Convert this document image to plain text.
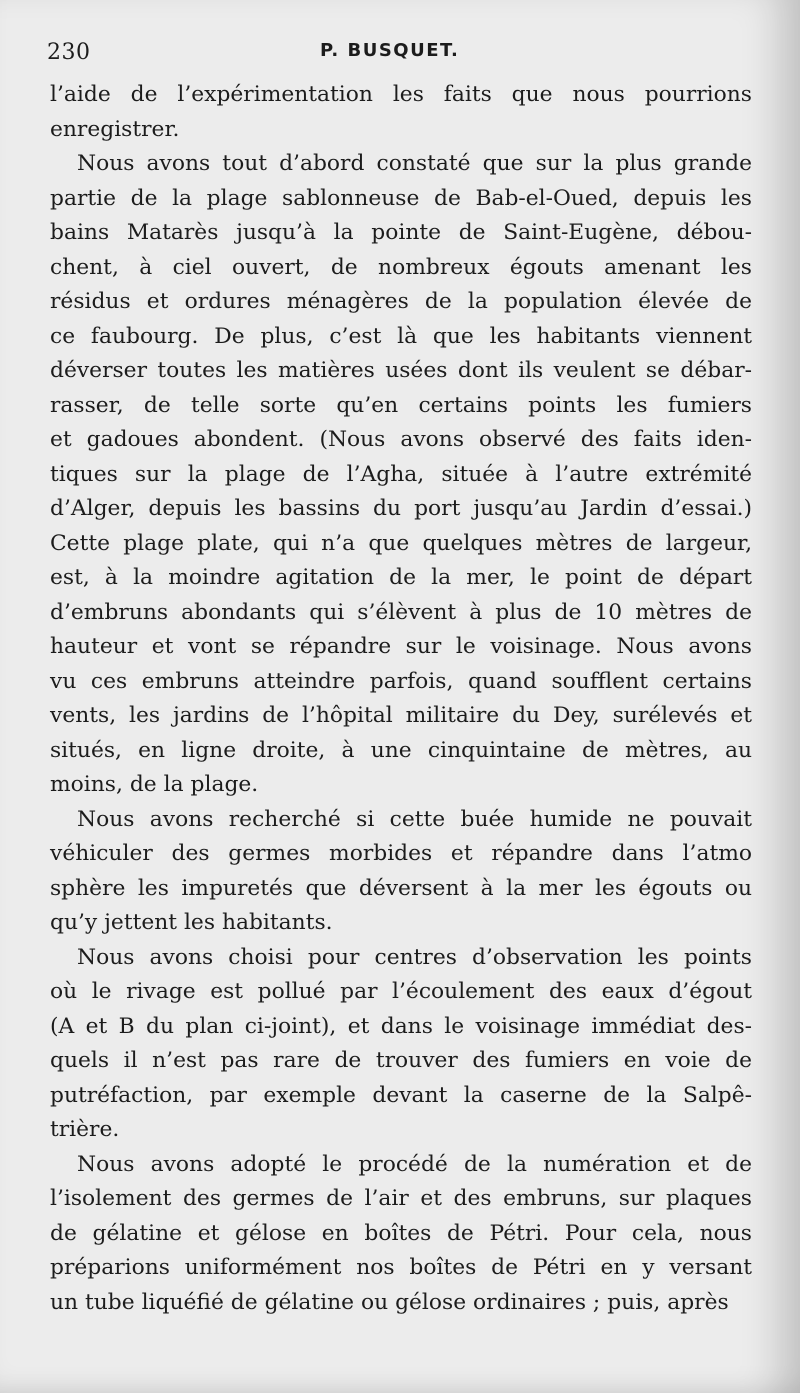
230	P. BUSQUET.

l’aide de l’expérimentation les faits que nous pourrions
enregistrer.

Nous avons tout d’abord constaté que sur la plus grande
partie de la plage sablonneuse de Bab-el-Oued, depuis les
bains Matarès jusqu’à la pointe de Saint-Eugène, débou-
chent, à ciel ouvert, de nombreux égouts amenant les
résidus et ordures ménagères de la population élevée de
ce faubourg. De plus, c’est là que les habitants viennent
déverser toutes les matières usées dont ils veulent se débar-
rasser, de telle sorte qu’en certains points les fumiers
et gadoues abondent. (Nous avons observé des faits iden-
tiques sur la plage de l’Agha, située à l’autre extrémité
d’Alger, depuis les bassins du port jusqu’au Jardin d’essai.)
Cette plage plate, qui n’a que quelques mètres de largeur,
est, à la moindre agitation de la mer, le point de départ
d’embruns abondants qui s’élèvent à plus de 10 mètres de
hauteur et vont se répandre sur le voisinage. Nous avons
vu ces embruns atteindre parfois, quand soufflent certains
vents, les jardins de l’hôpital militaire du Dey, surélevés et
situés, en ligne droite, à une cinquintaine de mètres, au
moins, de la plage.

Nous avons recherché si cette buée humide ne pouvait
véhiculer des germes morbides et répandre dans l’atmo
sphère les impuretés que déversent à la mer les égouts ou
qu’y jettent les habitants.

Nous avons choisi pour centres d’observation les points
où le rivage est pollué par l’écoulement des eaux d’égout
(A et B du plan ci-joint), et dans le voisinage immédiat des-
quels il n’est pas rare de trouver des fumiers en voie de
putréfaction, par exemple devant la caserne de la Salpê-
trière.

Nous avons adopté le procédé de la numération et de
l’isolement des germes de l’air et des embruns, sur plaques
de gélatine et gélose en boîtes de Pétri. Pour cela, nous
préparions uniformément nos boîtes de Pétri en y versant
un tube liquéfié de gélatine ou gélose ordinaires ; puis, après
